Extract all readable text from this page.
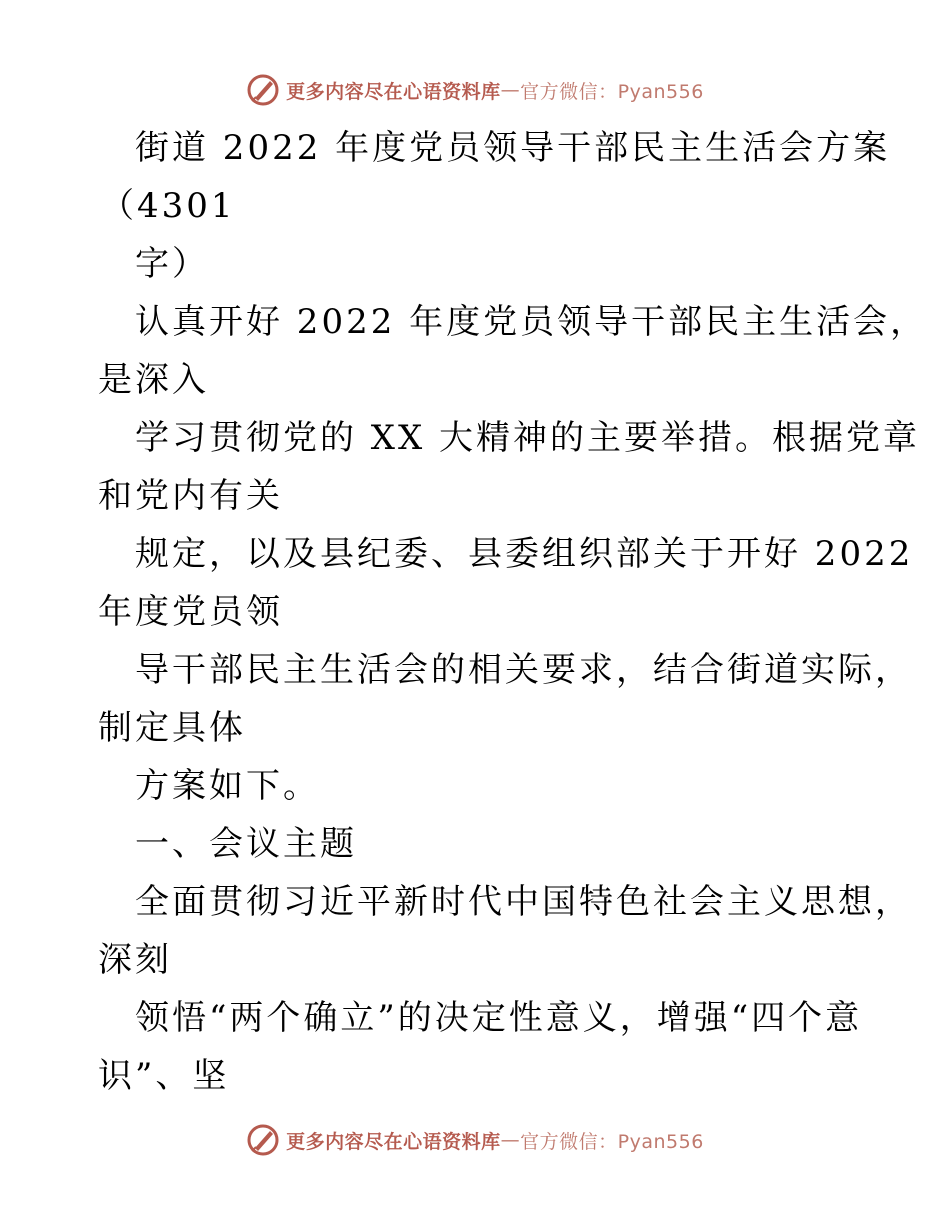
更多内容尽在心语资料库 — 官方微信：Pyan556
街道 2022 年度党员领导干部民主生活会方案
（4301
字）
认真开好 2022 年度党员领导干部民主生活会，
是深入
学习贯彻党的 XX 大精神的主要举措。根据党章
和党内有关
规定，以及县纪委、县委组织部关于开好 2022
年度党员领
导干部民主生活会的相关要求，结合街道实际，
制定具体
方案如下。
一、会议主题
全面贯彻习近平新时代中国特色社会主义思想，
深刻
领悟“两个确立”的决定性意义，增强“四个意
识”、坚
更多内容尽在心语资料库 — 官方微信：Pyan556
